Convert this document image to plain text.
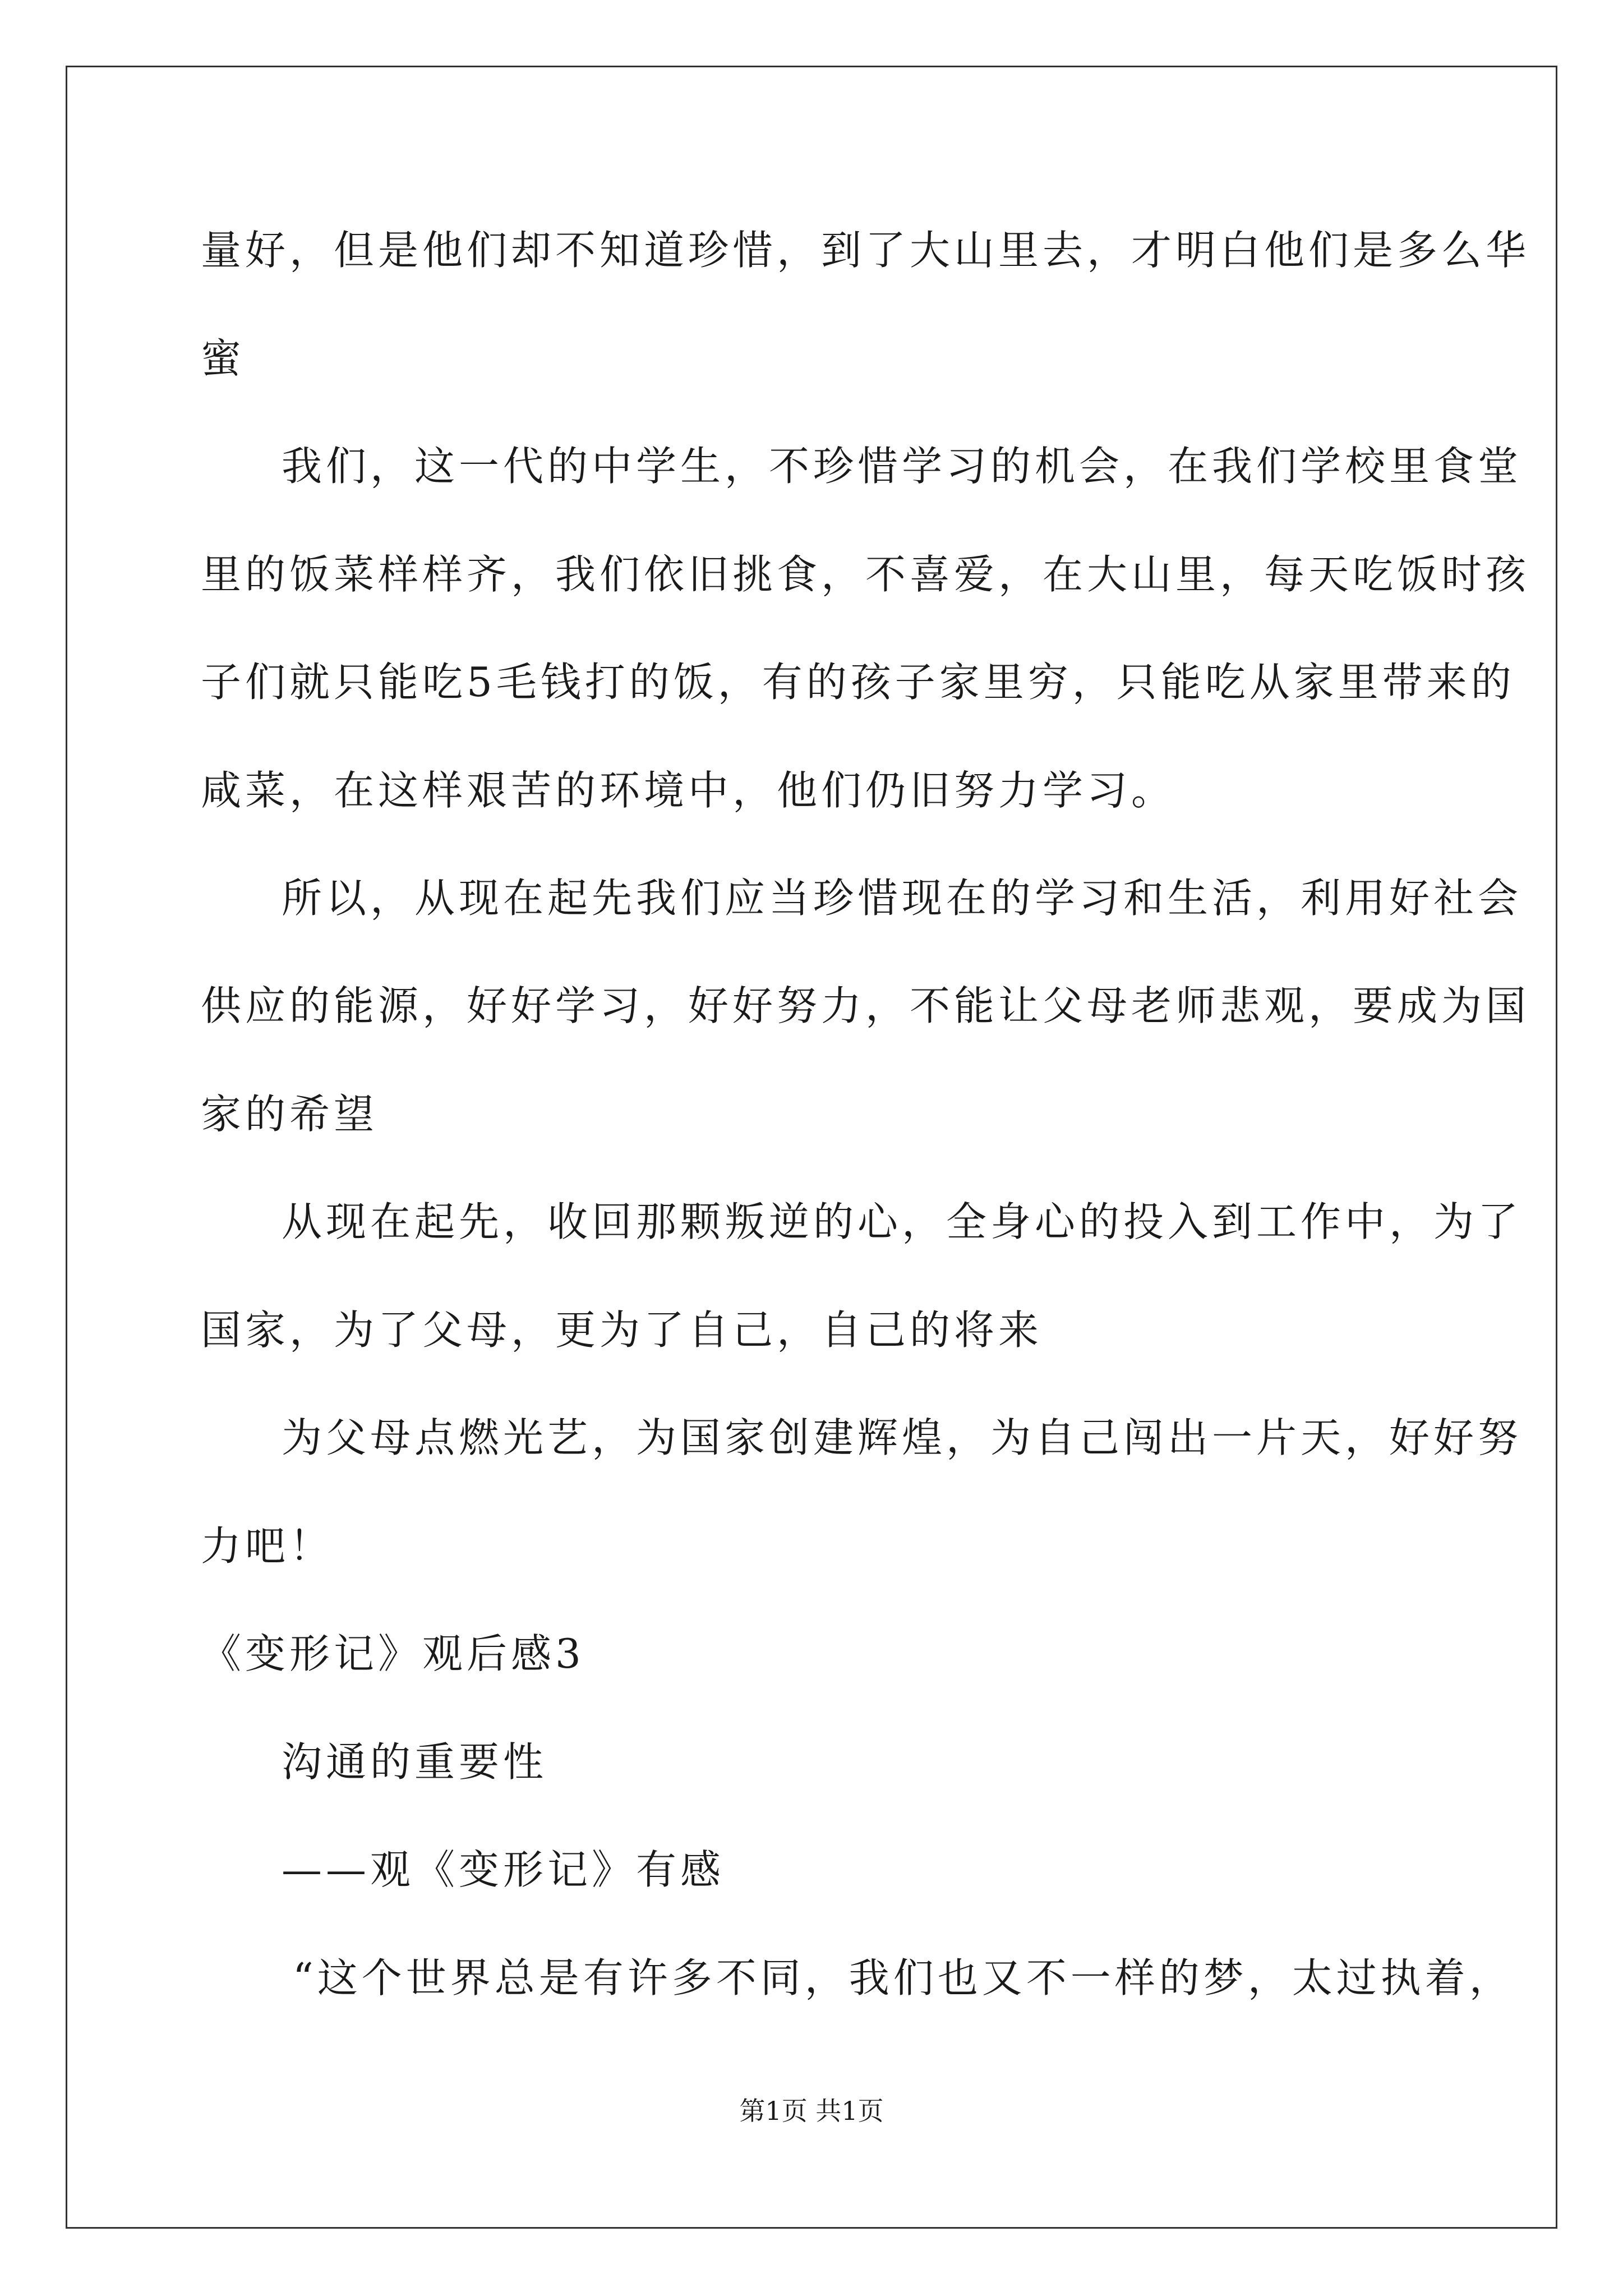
量好，但是他们却不知道珍惜，到了大山里去，才明白他们是多么华
蜜
我们，这一代的中学生，不珍惜学习的机会，在我们学校里食堂
里的饭菜样样齐，我们依旧挑食，不喜爱，在大山里，每天吃饭时孩
子们就只能吃5毛钱打的饭，有的孩子家里穷，只能吃从家里带来的
咸菜，在这样艰苦的环境中，他们仍旧努力学习。
所以，从现在起先我们应当珍惜现在的学习和生活，利用好社会
供应的能源，好好学习，好好努力，不能让父母老师悲观，要成为国
家的希望
从现在起先，收回那颗叛逆的心，全身心的投入到工作中，为了
国家，为了父母，更为了自己，自己的将来
为父母点燃光艺，为国家创建辉煌，为自己闯出一片天，好好努
力吧！
《变形记》观后感3
沟通的重要性
——观《变形记》有感
“这个世界总是有许多不同，我们也又不一样的梦，太过执着，
第1页 共1页
